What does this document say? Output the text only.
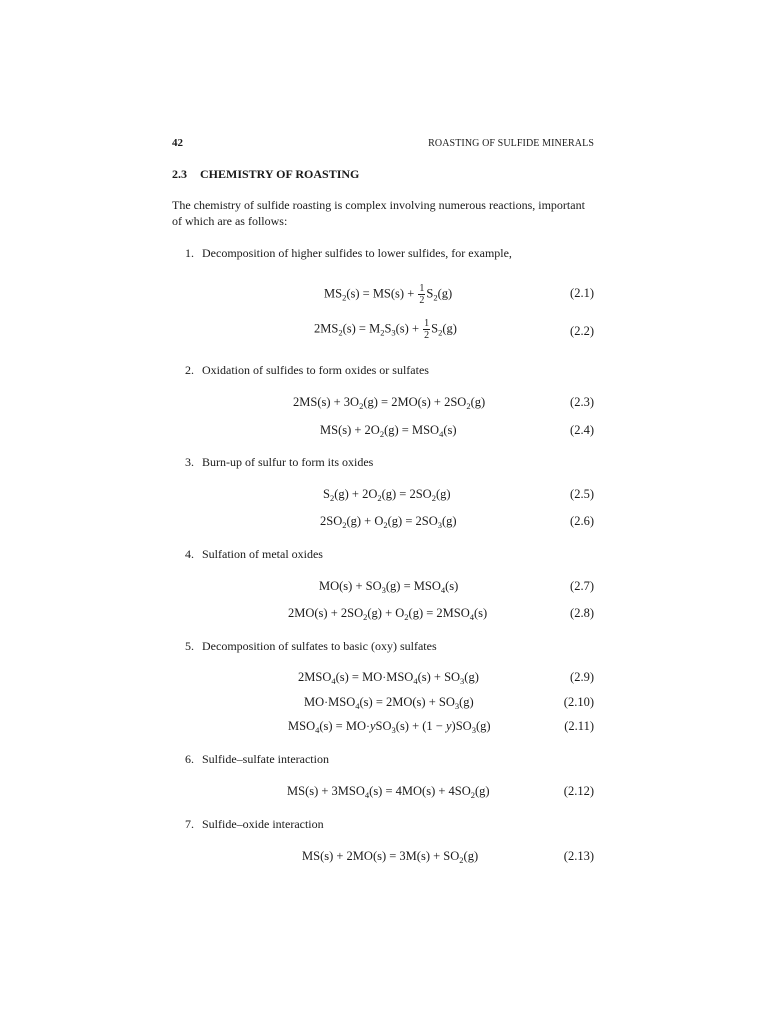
42	ROASTING OF SULFIDE MINERALS
2.3 CHEMISTRY OF ROASTING
The chemistry of sulfide roasting is complex involving numerous reactions, important of which are as follows:
1. Decomposition of higher sulfides to lower sulfides, for example,
$MS_2(s) = MS(s) + \frac{1}{2} S_2(g)$	(2.1)
$2MS_2(s) = M_2S_3(s) + \frac{1}{2} S_2(g)$	(2.2)
2. Oxidation of sulfides to form oxides or sulfates
$2MS(s) + 3O_2(g) = 2MO(s) + 2SO_2(g)$	(2.3)
$MS(s) + 2O_2(g) = MSO_4(s)$	(2.4)
3. Burn-up of sulfur to form its oxides
$S_2(g) + 2O_2(g) = 2SO_2(g)$	(2.5)
$2SO_2(g) + O_2(g) = 2SO_3(g)$	(2.6)
4. Sulfation of metal oxides
$MO(s) + SO_3(g) = MSO_4(s)$	(2.7)
$2MO(s) + 2SO_2(g) + O_2(g) = 2MSO_4(s)$	(2.8)
5. Decomposition of sulfates to basic (oxy) sulfates
$2MSO_4(s) = MO\cdot MSO_4(s) + SO_3(g)$	(2.9)
$MO\cdot MSO_4(s) = 2MO(s) + SO_3(g)$	(2.10)
$MSO_4(s) = MO\cdot ySO_3(s) + (1 - y)SO_3(g)$	(2.11)
6. Sulfide–sulfate interaction
$MS(s) + 3MSO_4(s) = 4MO(s) + 4SO_2(g)$	(2.12)
7. Sulfide–oxide interaction
$MS(s) + 2MO(s) = 3M(s) + SO_2(g)$	(2.13)
